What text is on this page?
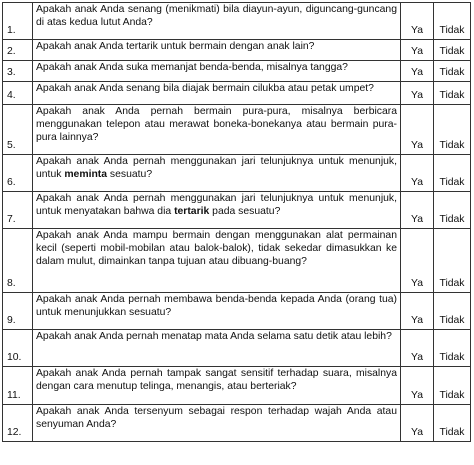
1.	Apakah anak Anda senang (menikmati) bila diayun-ayun, diguncang-guncang di atas kedua lutut Anda?	Ya	Tidak
2.	Apakah anak Anda tertarik untuk bermain dengan anak lain?	Ya	Tidak
3.	Apakah anak Anda suka memanjat benda-benda, misalnya tangga?	Ya	Tidak
4.	Apakah anak Anda senang bila diajak bermain cilukba atau petak umpet?	Ya	Tidak
5.	Apakah anak Anda pernah bermain pura-pura, misalnya berbicara menggunakan telepon atau merawat boneka-bonekanya atau bermain pura-pura lainnya?	Ya	Tidak
6.	Apakah anak Anda pernah menggunakan jari telunjuknya untuk menunjuk, untuk meminta sesuatu?	Ya	Tidak
7.	Apakah anak Anda pernah menggunakan jari telunjuknya untuk menunjuk, untuk menyatakan bahwa dia tertarik pada sesuatu?	Ya	Tidak
8.	Apakah anak Anda mampu bermain dengan menggunakan alat permainan kecil (seperti mobil-mobilan atau balok-balok), tidak sekedar dimasukkan ke dalam mulut, dimainkan tanpa tujuan atau dibuang-buang?	Ya	Tidak
9.	Apakah anak Anda pernah membawa benda-benda kepada Anda (orang tua) untuk menunjukkan sesuatu?	Ya	Tidak
10.	Apakah anak Anda pernah menatap mata Anda selama satu detik atau lebih?	Ya	Tidak
11.	Apakah anak Anda pernah tampak sangat sensitif terhadap suara, misalnya dengan cara menutup telinga, menangis, atau berteriak?	Ya	Tidak
12.	Apakah anak Anda tersenyum sebagai respon terhadap wajah Anda atau senyuman Anda?	Ya	Tidak
